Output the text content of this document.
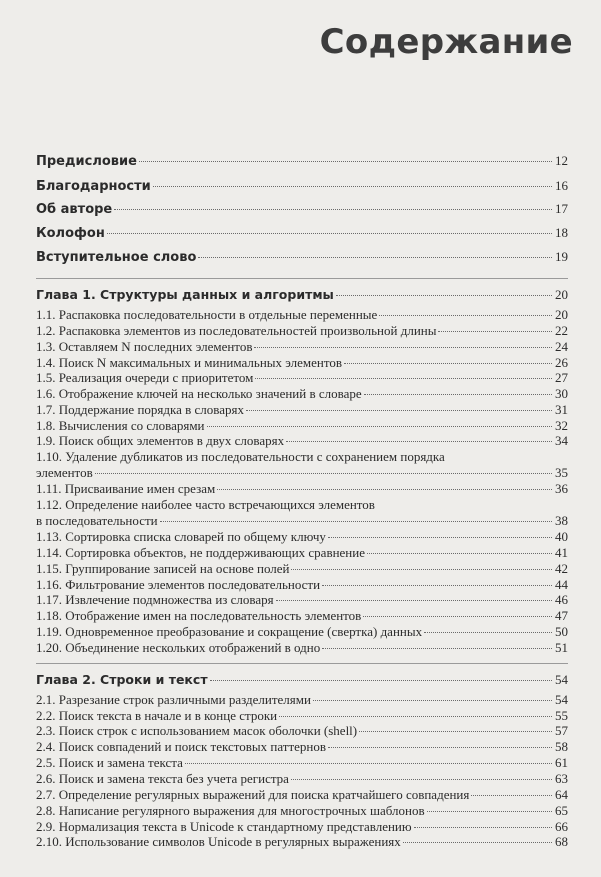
Содержание
Предисловие	12
Благодарности	16
Об авторе	17
Колофон	18
Вступительное слово	19
Глава 1. Структуры данных и алгоритмы	20
1.1. Распаковка последовательности в отдельные переменные	20
1.2. Распаковка элементов из последовательностей произвольной длины	22
1.3. Оставляем N последних элементов	24
1.4. Поиск N максимальных и минимальных элементов	26
1.5. Реализация очереди с приоритетом	27
1.6. Отображение ключей на несколько значений в словаре	30
1.7. Поддержание порядка в словарях	31
1.8. Вычисления со словарями	32
1.9. Поиск общих элементов в двух словарях	34
1.10. Удаление дубликатов из последовательности с сохранением порядка
элементов	35
1.11. Присваивание имен срезам	36
1.12. Определение наиболее часто встречающихся элементов
в последовательности	38
1.13. Сортировка списка словарей по общему ключу	40
1.14. Сортировка объектов, не поддерживающих сравнение	41
1.15. Группирование записей на основе полей	42
1.16. Фильтрование элементов последовательности	44
1.17. Извлечение подмножества из словаря	46
1.18. Отображение имен на последовательность элементов	47
1.19. Одновременное преобразование и сокращение (свертка) данных	50
1.20. Объединение нескольких отображений в одно	51
Глава 2. Строки и текст	54
2.1. Разрезание строк различными разделителями	54
2.2. Поиск текста в начале и в конце строки	55
2.3. Поиск строк с использованием масок оболочки (shell)	57
2.4. Поиск совпадений и поиск текстовых паттернов	58
2.5. Поиск и замена текста	61
2.6. Поиск и замена текста без учета регистра	63
2.7. Определение регулярных выражений для поиска кратчайшего совпадения	64
2.8. Написание регулярного выражения для многострочных шаблонов	65
2.9. Нормализация текста в Unicode к стандартному представлению	66
2.10. Использование символов Unicode в регулярных выражениях	68
